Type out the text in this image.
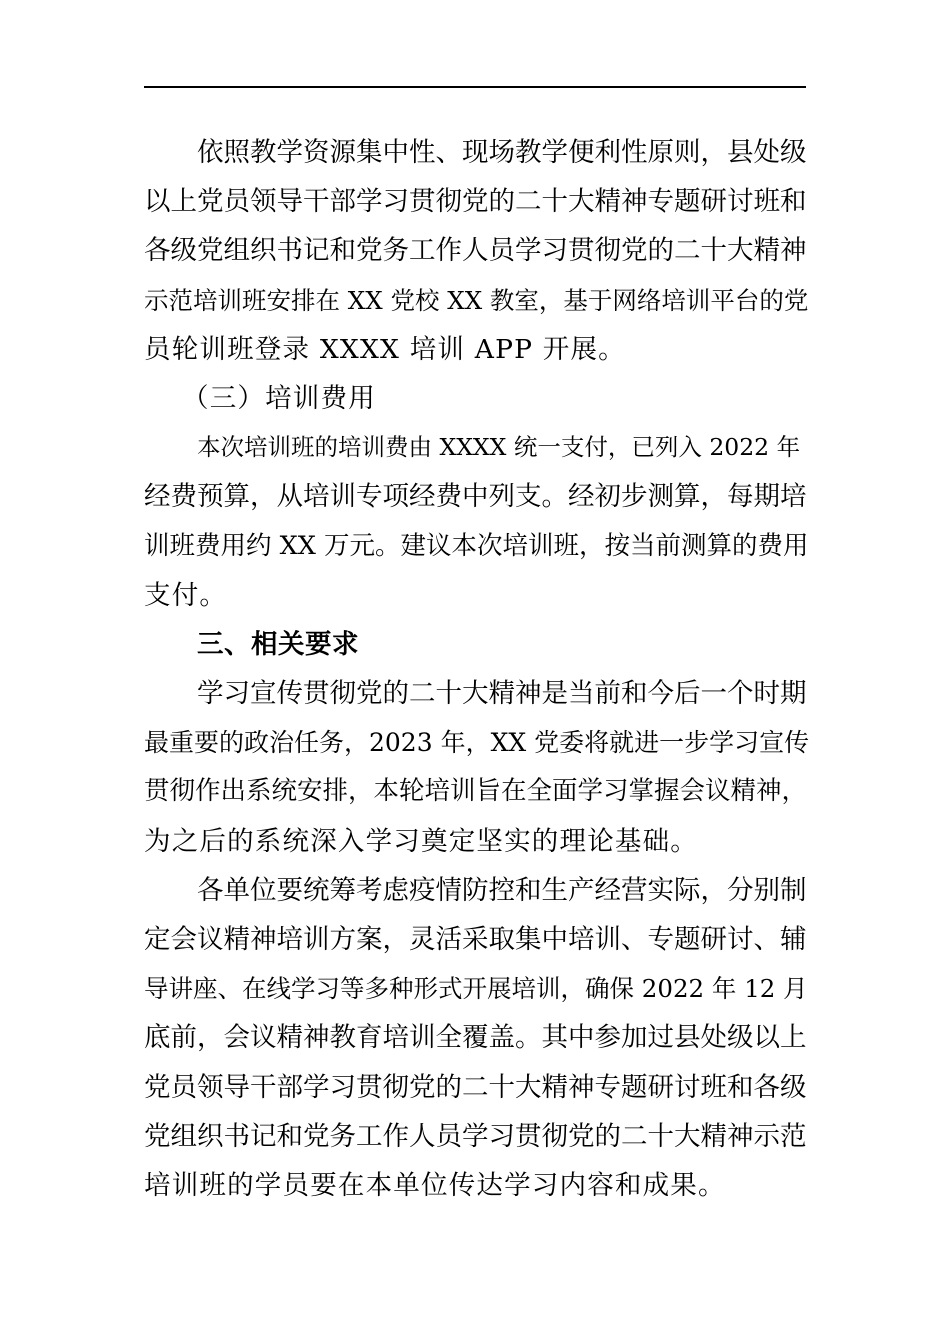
依照教学资源集中性、现场教学便利性原则，县处级
以上党员领导干部学习贯彻党的二十大精神专题研讨班和
各级党组织书记和党务工作人员学习贯彻党的二十大精神
示范培训班安排在 XX 党校 XX 教室，基于网络培训平台的党
员轮训班登录 XXXX 培训 APP 开展。
（三）培训费用
本次培训班的培训费由 XXXX 统一支付，已列入 2022 年
经费预算，从培训专项经费中列支。经初步测算，每期培
训班费用约 XX 万元。建议本次培训班，按当前测算的费用
支付。
三、相关要求
学习宣传贯彻党的二十大精神是当前和今后一个时期
最重要的政治任务，2023 年，XX 党委将就进一步学习宣传
贯彻作出系统安排，本轮培训旨在全面学习掌握会议精神，
为之后的系统深入学习奠定坚实的理论基础。
各单位要统筹考虑疫情防控和生产经营实际，分别制
定会议精神培训方案，灵活采取集中培训、专题研讨、辅
导讲座、在线学习等多种形式开展培训，确保 2022 年 12 月
底前，会议精神教育培训全覆盖。其中参加过县处级以上
党员领导干部学习贯彻党的二十大精神专题研讨班和各级
党组织书记和党务工作人员学习贯彻党的二十大精神示范
培训班的学员要在本单位传达学习内容和成果。
